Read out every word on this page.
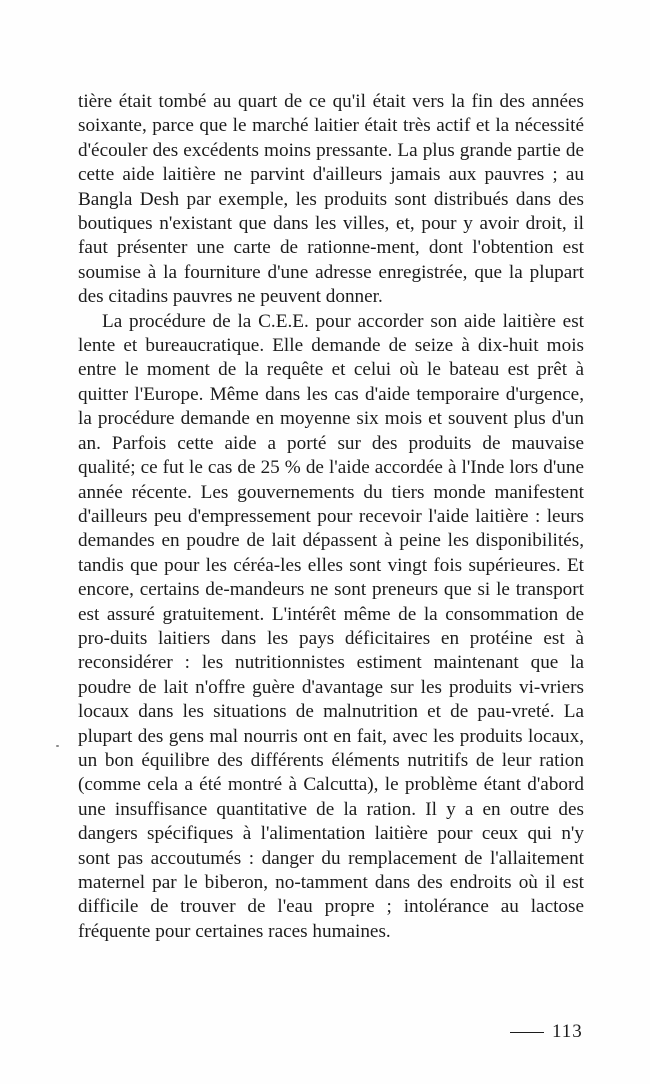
tière était tombé au quart de ce qu'il était vers la fin des années soixante, parce que le marché laitier était très actif et la nécessité d'écouler des excédents moins pressante. La plus grande partie de cette aide laitière ne parvint d'ailleurs jamais aux pauvres ; au Bangla Desh par exemple, les produits sont distribués dans des boutiques n'existant que dans les villes, et, pour y avoir droit, il faut présenter une carte de rationne-ment, dont l'obtention est soumise à la fourniture d'une adresse enregistrée, que la plupart des citadins pauvres ne peuvent donner.

La procédure de la C.E.E. pour accorder son aide laitière est lente et bureaucratique. Elle demande de seize à dix-huit mois entre le moment de la requête et celui où le bateau est prêt à quitter l'Europe. Même dans les cas d'aide temporaire d'urgence, la procédure demande en moyenne six mois et souvent plus d'un an. Parfois cette aide a porté sur des produits de mauvaise qualité; ce fut le cas de 25 % de l'aide accordée à l'Inde lors d'une année récente. Les gouvernements du tiers monde manifestent d'ailleurs peu d'empressement pour recevoir l'aide laitière : leurs demandes en poudre de lait dépassent à peine les disponibilités, tandis que pour les céréa-les elles sont vingt fois supérieures. Et encore, certains de-mandeurs ne sont preneurs que si le transport est assuré gratuitement. L'intérêt même de la consommation de pro-duits laitiers dans les pays déficitaires en protéine est à reconsidérer : les nutritionnistes estiment maintenant que la poudre de lait n'offre guère d'avantage sur les produits vi-vriers locaux dans les situations de malnutrition et de pau-vreté. La plupart des gens mal nourris ont en fait, avec les produits locaux, un bon équilibre des différents éléments nutritifs de leur ration (comme cela a été montré à Calcutta), le problème étant d'abord une insuffisance quantitative de la ration. Il y a en outre des dangers spécifiques à l'alimentation laitière pour ceux qui n'y sont pas accoutumés : danger du remplacement de l'allaitement maternel par le biberon, no-tamment dans des endroits où il est difficile de trouver de l'eau propre ; intolérance au lactose fréquente pour certaines races humaines.

113
